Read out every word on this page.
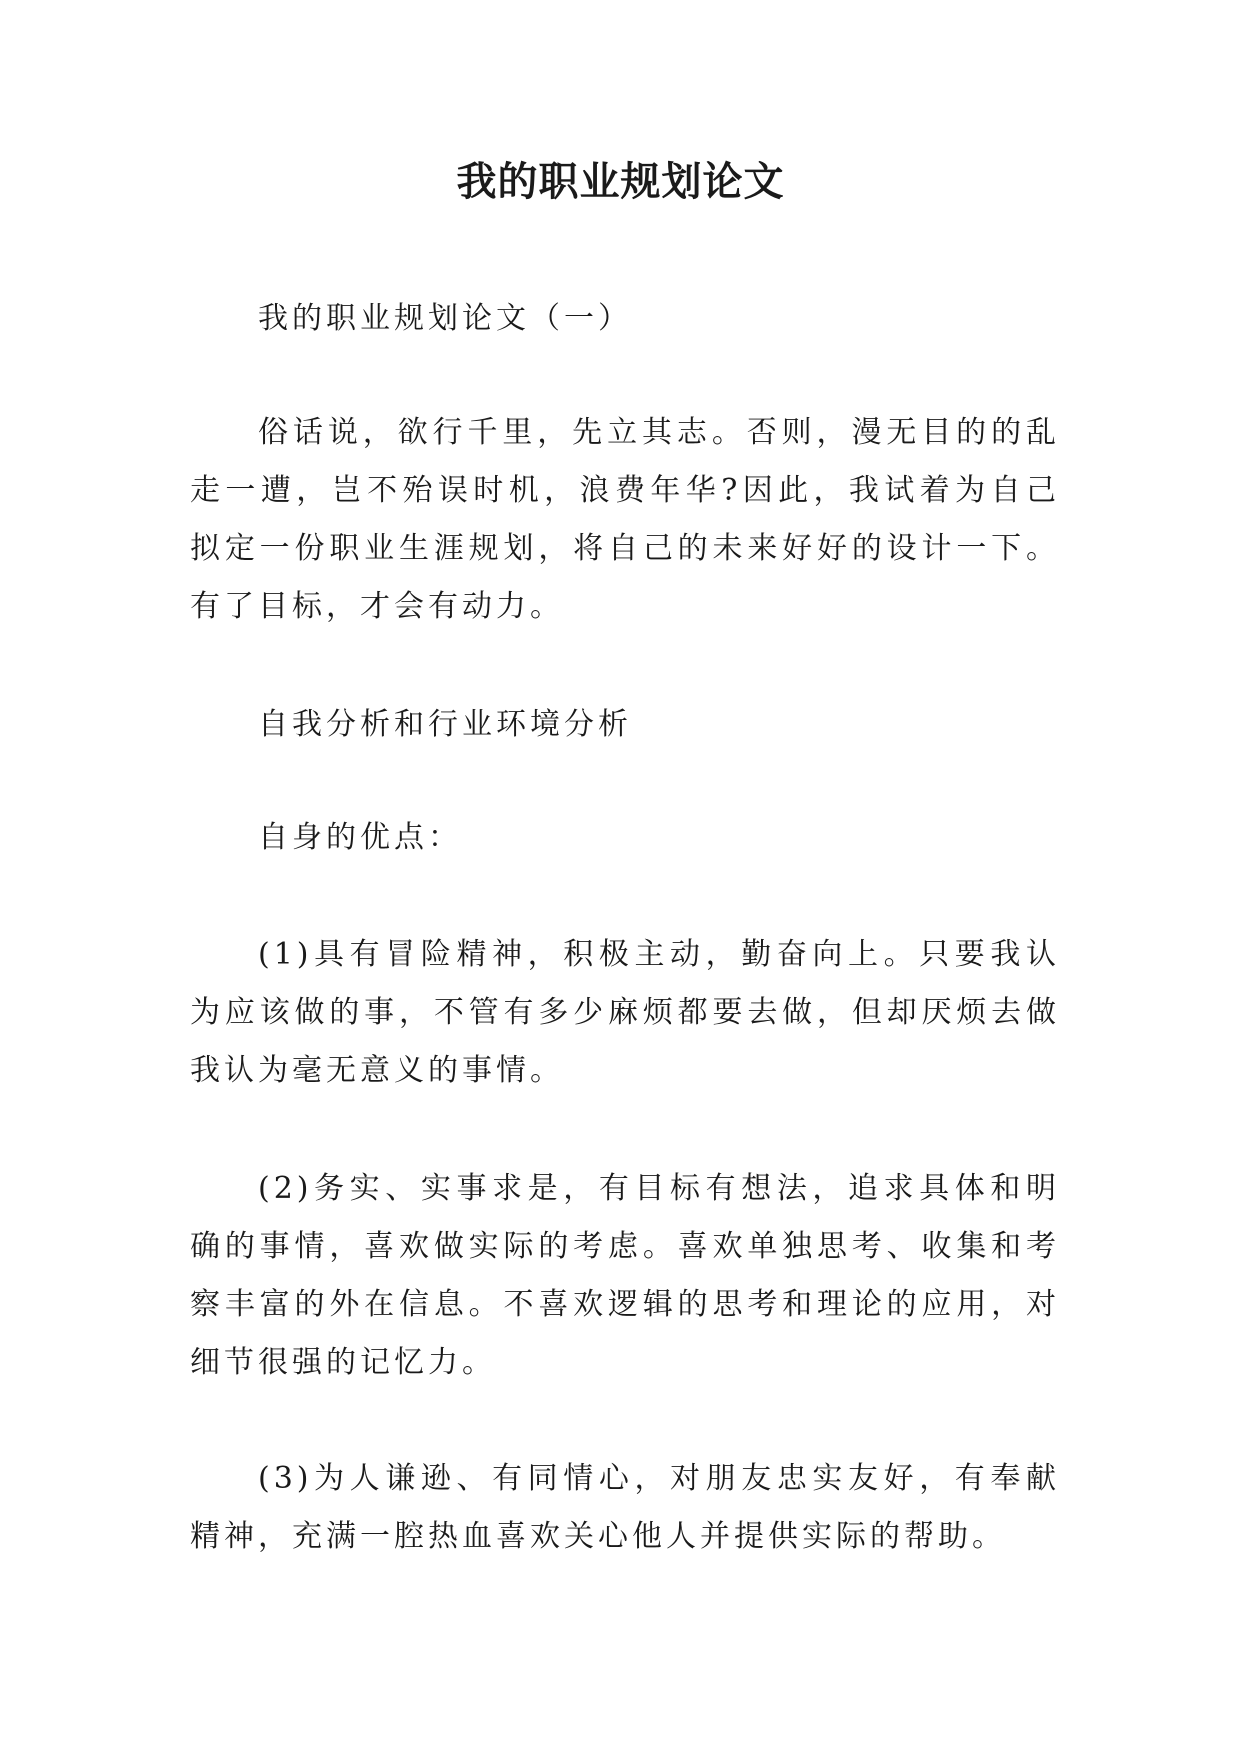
我的职业规划论文

我的职业规划论文（一）

俗话说，欲行千里，先立其志。否则，漫无目的的乱走一遭，岂不殆误时机，浪费年华?因此，我试着为自己拟定一份职业生涯规划，将自己的未来好好的设计一下。有了目标，才会有动力。

自我分析和行业环境分析

自身的优点：

(1)具有冒险精神，积极主动，勤奋向上。只要我认为应该做的事，不管有多少麻烦都要去做，但却厌烦去做我认为毫无意义的事情。

(2)务实、实事求是，有目标有想法，追求具体和明确的事情，喜欢做实际的考虑。喜欢单独思考、收集和考察丰富的外在信息。不喜欢逻辑的思考和理论的应用，对细节很强的记忆力。

(3)为人谦逊、有同情心，对朋友忠实友好，有奉献精神，充满一腔热血喜欢关心他人并提供实际的帮助。
